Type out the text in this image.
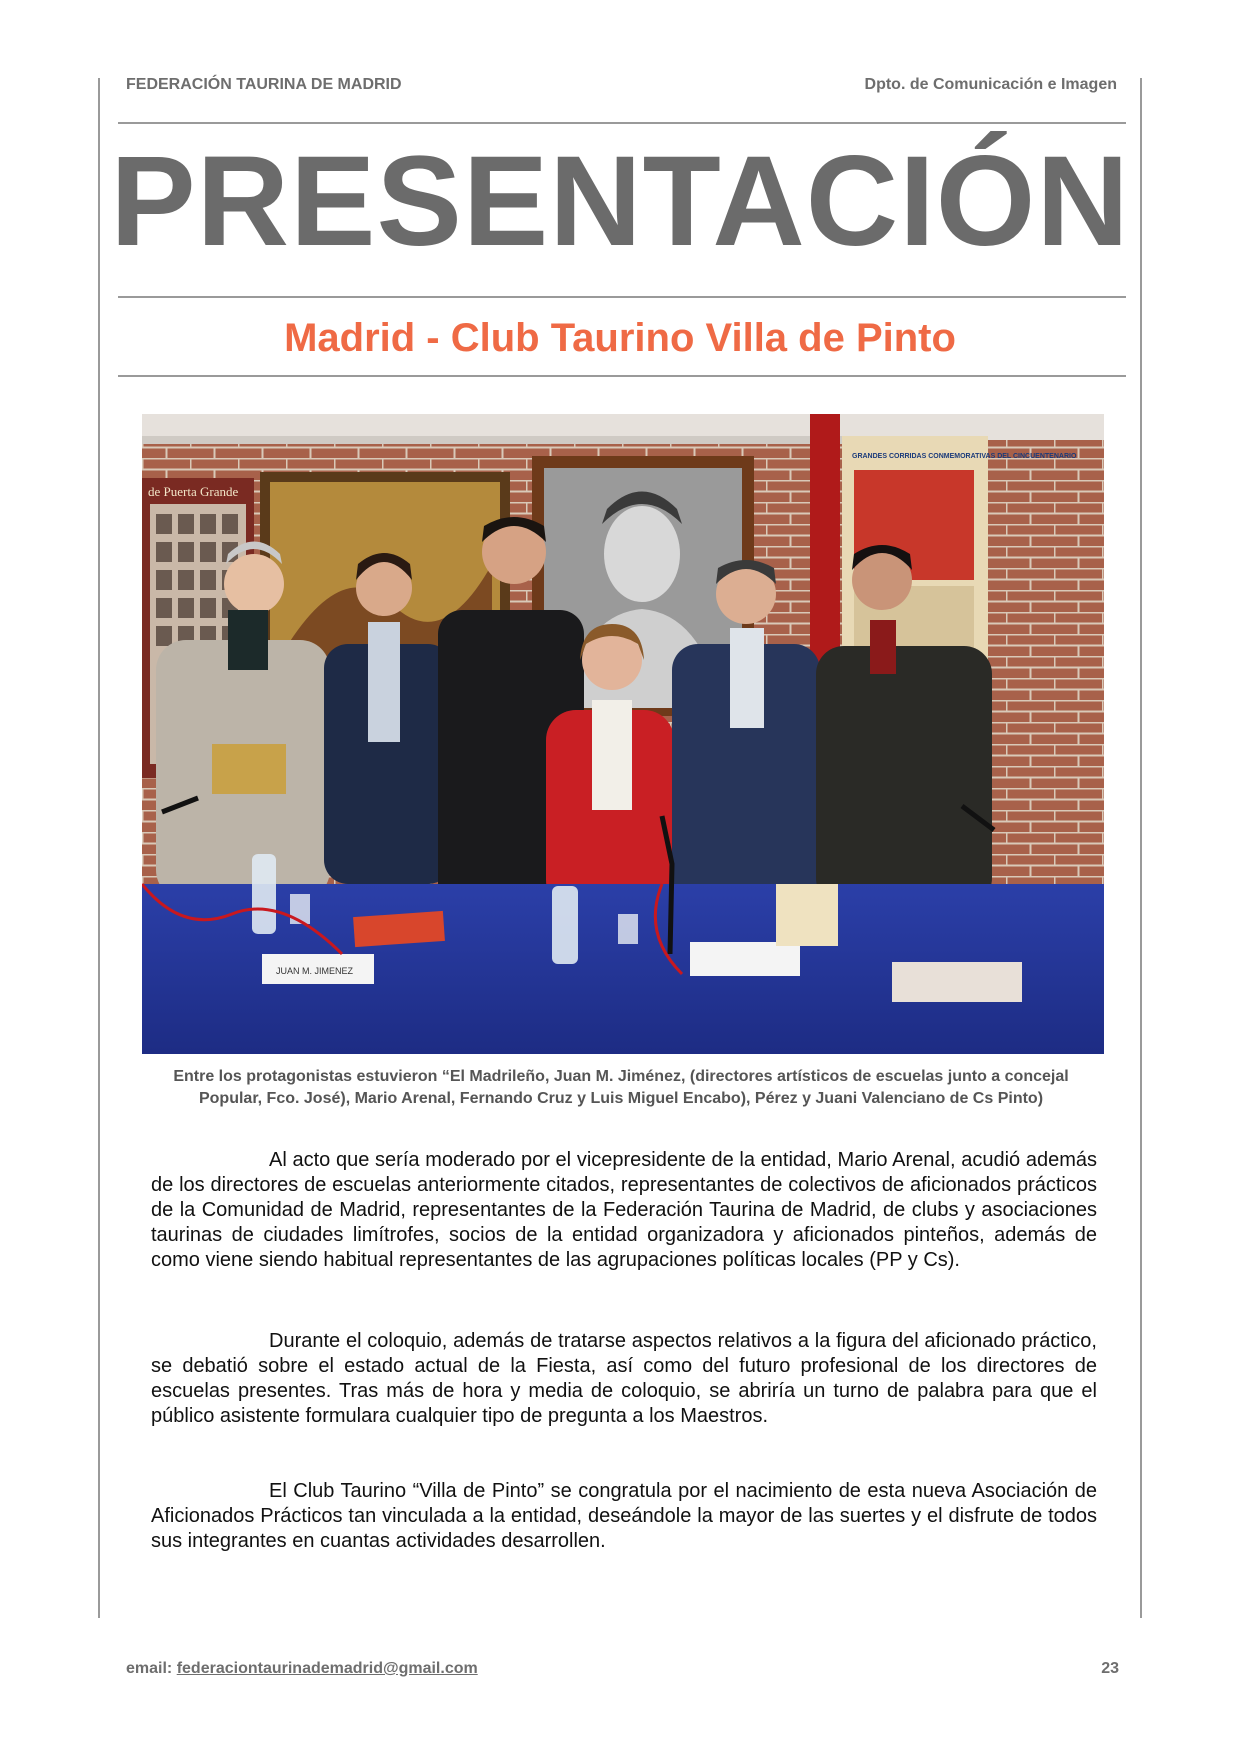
FEDERACIÓN TAURINA DE MADRID	Dpto. de Comunicación e Imagen
PRESENTACIÓN
Madrid - Club Taurino Villa de Pinto
de Puerta Grande
GRANDES CORRIDAS CONMEMORATIVAS DEL CINCUENTENARIO
JUAN M. JIMENEZ
Entre los protagonistas estuvieron “El Madrileño, Juan M. Jiménez, (directores artísticos de escuelas junto a concejal
Popular, Fco. José), Mario Arenal, Fernando Cruz y Luis Miguel Encabo), Pérez y Juani Valenciano de Cs Pinto)

Al acto que sería moderado por el vicepresidente de la entidad, Mario Arenal, acudió además de los directores de escuelas anteriormente citados, representantes de colectivos de aficionados prácticos de la Comunidad de Madrid, representantes de la Federación Taurina de Madrid, de clubs y asociaciones taurinas de ciudades limítrofes, socios de la entidad organizadora y aficionados pinteños, además de como viene siendo habitual representantes de las agrupaciones políticas locales (PP y Cs).

Durante el coloquio, además de tratarse aspectos relativos a la figura del aficionado práctico, se debatió sobre el estado actual de la Fiesta, así como del futuro profesional de los directores de escuelas presentes. Tras más de hora y media de coloquio, se abriría un turno de palabra para que el público asistente formulara cualquier tipo de pregunta a los Maestros.

El Club Taurino “Villa de Pinto” se congratula por el nacimiento de esta nueva Asociación de Aficionados Prácticos tan vinculada a la entidad, deseándole la mayor de las suertes y el disfrute de todos sus integrantes en cuantas actividades desarrollen.

email: federaciontaurinademadrid@gmail.com	23
